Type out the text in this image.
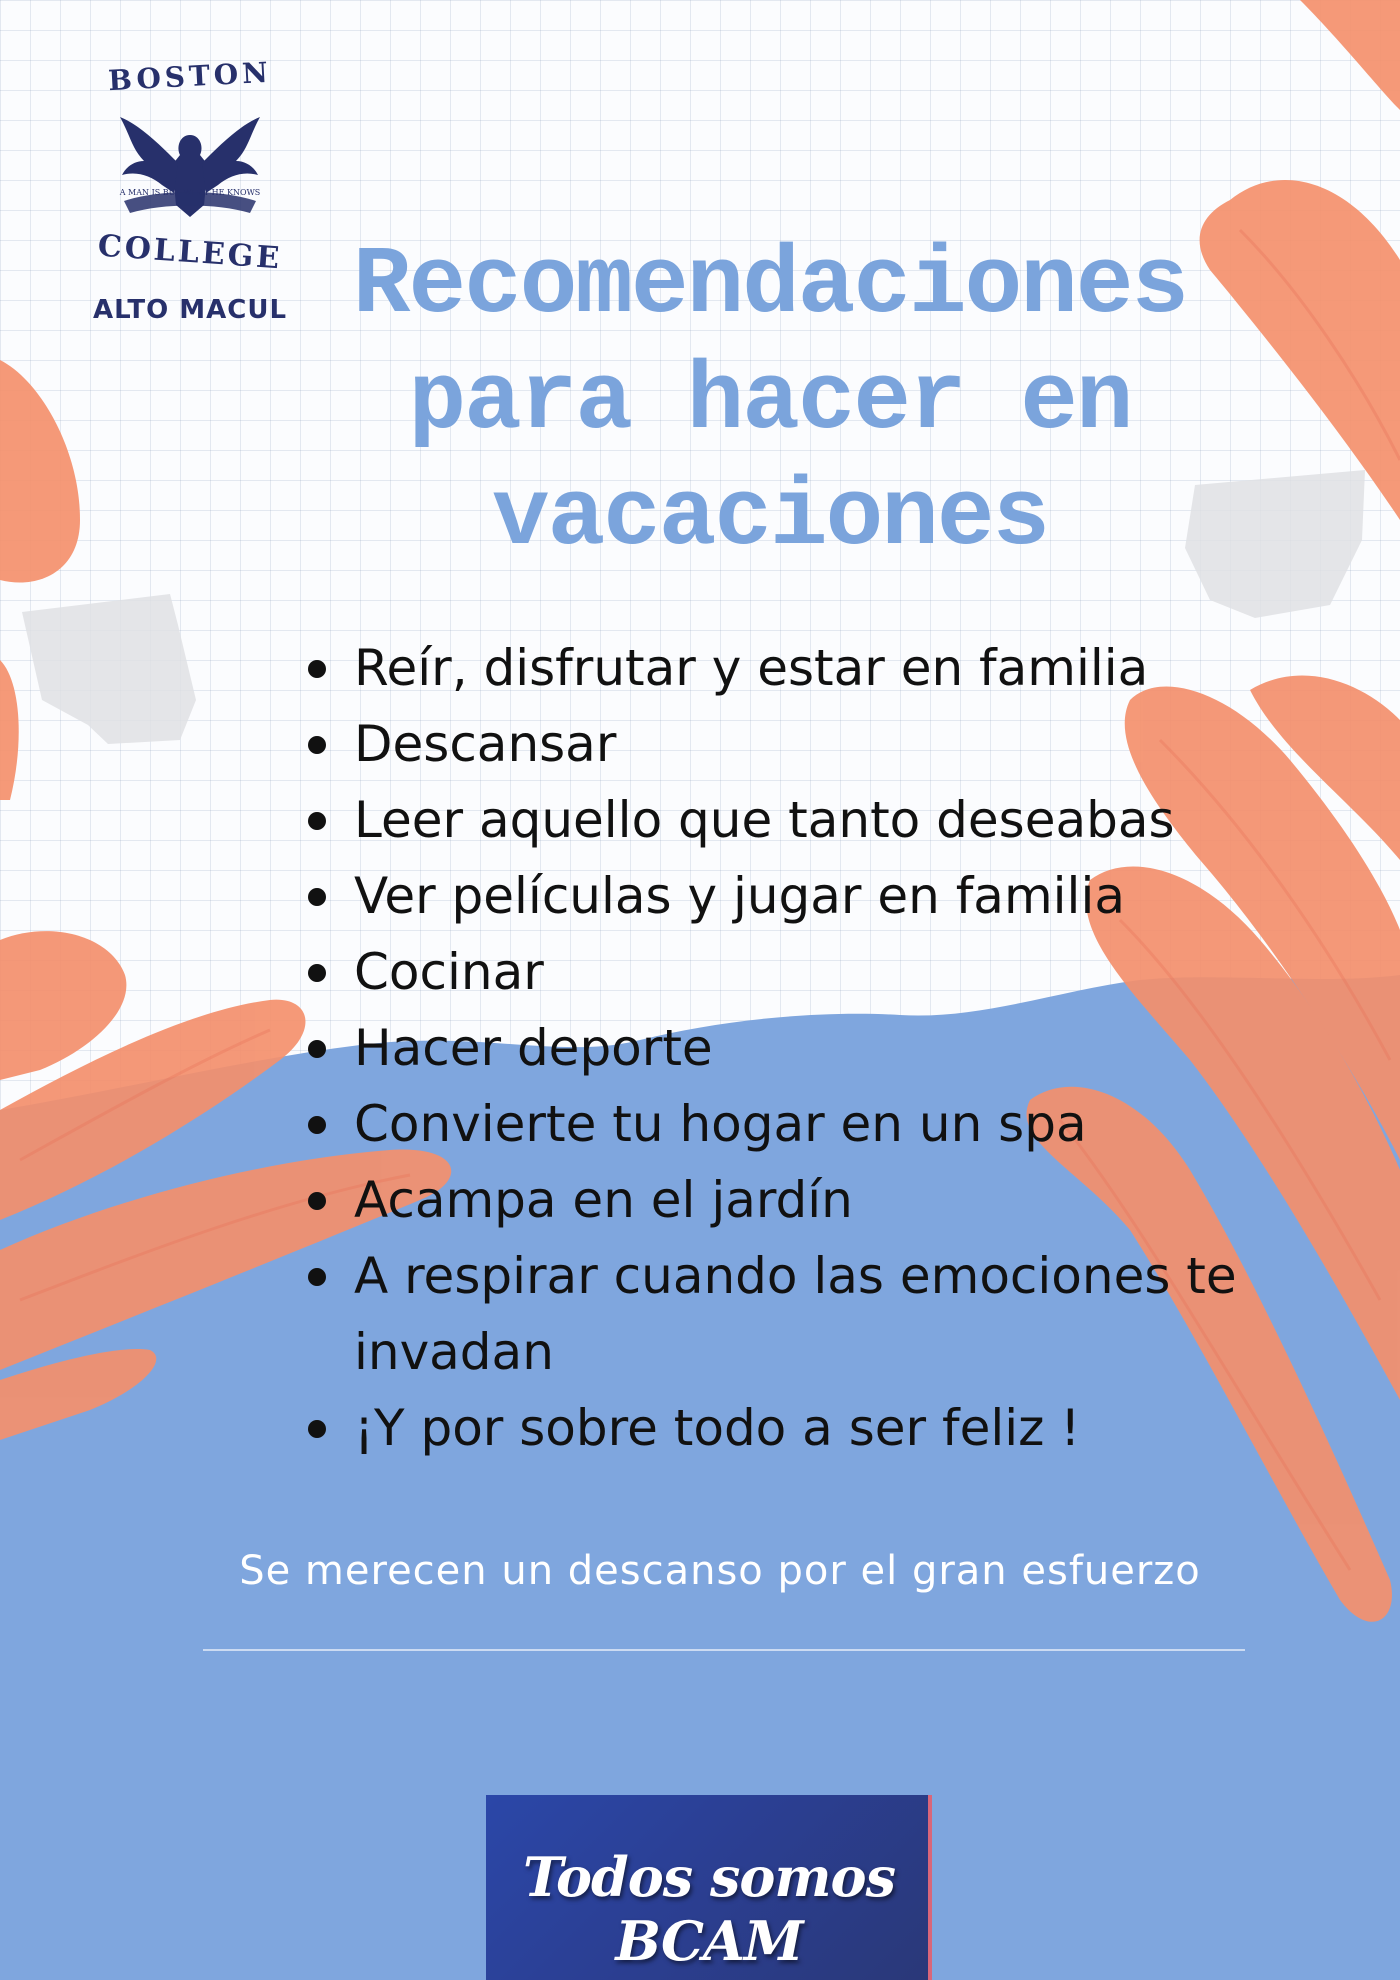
BOSTON
A MAN IS BUT WHAT HE KNOWS
COLLEGE
ALTO MACUL Recomendaciones
para hacer en
vacaciones
Reír, disfrutar y estar en familia
Descansar
Leer aquello que tanto deseabas
Ver películas y jugar en familia
Cocinar
Hacer deporte
Convierte tu hogar en un spa
Acampa en el jardín
A respirar cuando las emociones te invadan
¡Y por sobre todo a ser feliz !
Se merecen un descanso por el gran esfuerzo
Todos somos BCAM
